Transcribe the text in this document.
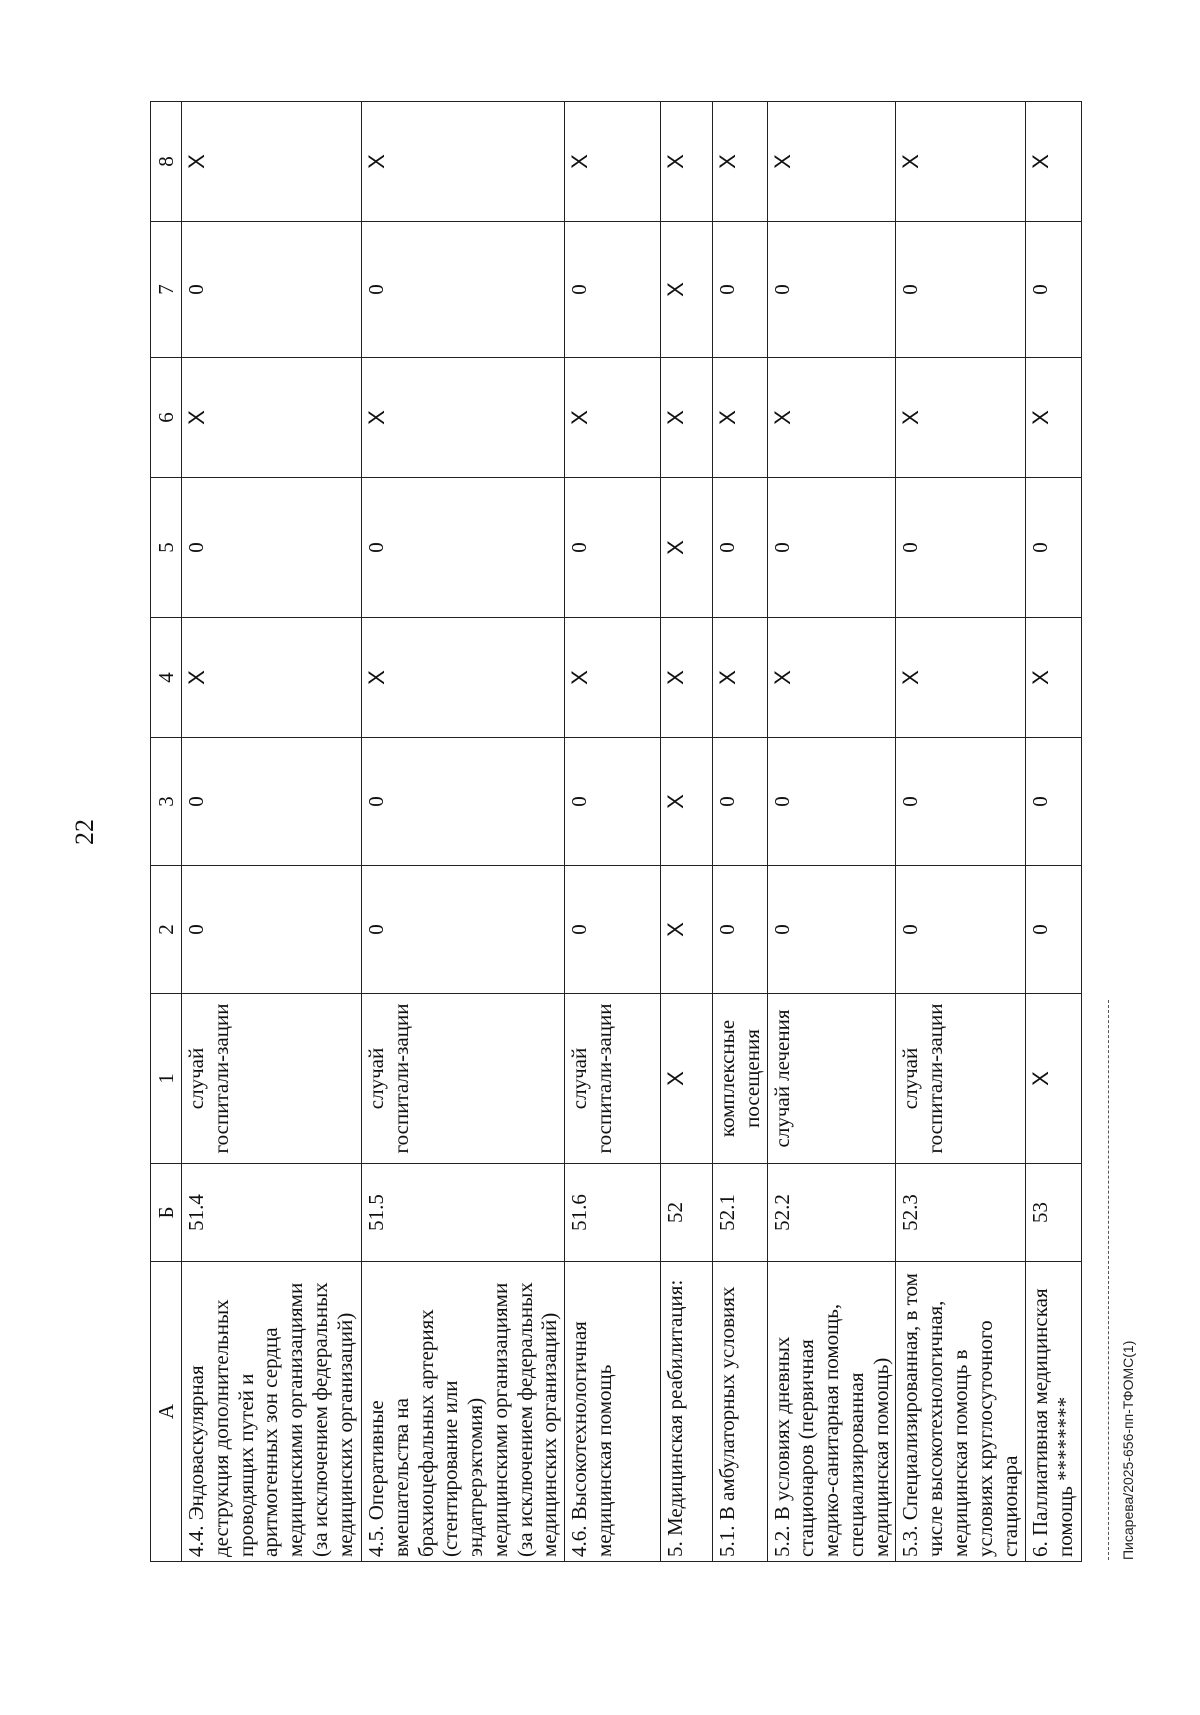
22
А	Б	1	2	3	4	5	6	7	8
4.4. Эндоваскулярная деструкция дополнительных проводящих путей и аритмогенных зон сердца медицинскими организациями (за исключением федеральных медицинских организаций)	51.4	случай госпитали-зации	0	0	X	0	X	0	X
4.5. Оперативные вмешательства на брахиоцефальных артериях (стентирование или эндатрерэктомия) медицинскими организациями (за исключением федеральных медицинских организаций)	51.5	случай госпитали-зации	0	0	X	0	X	0	X
4.6. Высокотехнологичная медицинская помощь	51.6	случай госпитали-зации	0	0	X	0	X	0	X
5. Медицинская реабилитация:	52	X	X	X	X	X	X	X	X
5.1. В амбулаторных условиях	52.1	комплексные посещения	0	0	X	0	X	0	X
5.2. В условиях дневных стационаров (первичная медико-санитарная помощь, специализированная медицинская помощь)	52.2	случай лечения	0	0	X	0	X	0	X
5.3. Специализированная, в том числе высокотехнологичная, медицинская помощь в условиях круглосуточного стационара	52.3	случай госпитали-зации	0	0	X	0	X	0	X
6. Паллиативная медицинская помощь ********	53	X	0	0	X	0	X	0	X
Писарева/2025-656-пп-ТФОМС(1)
